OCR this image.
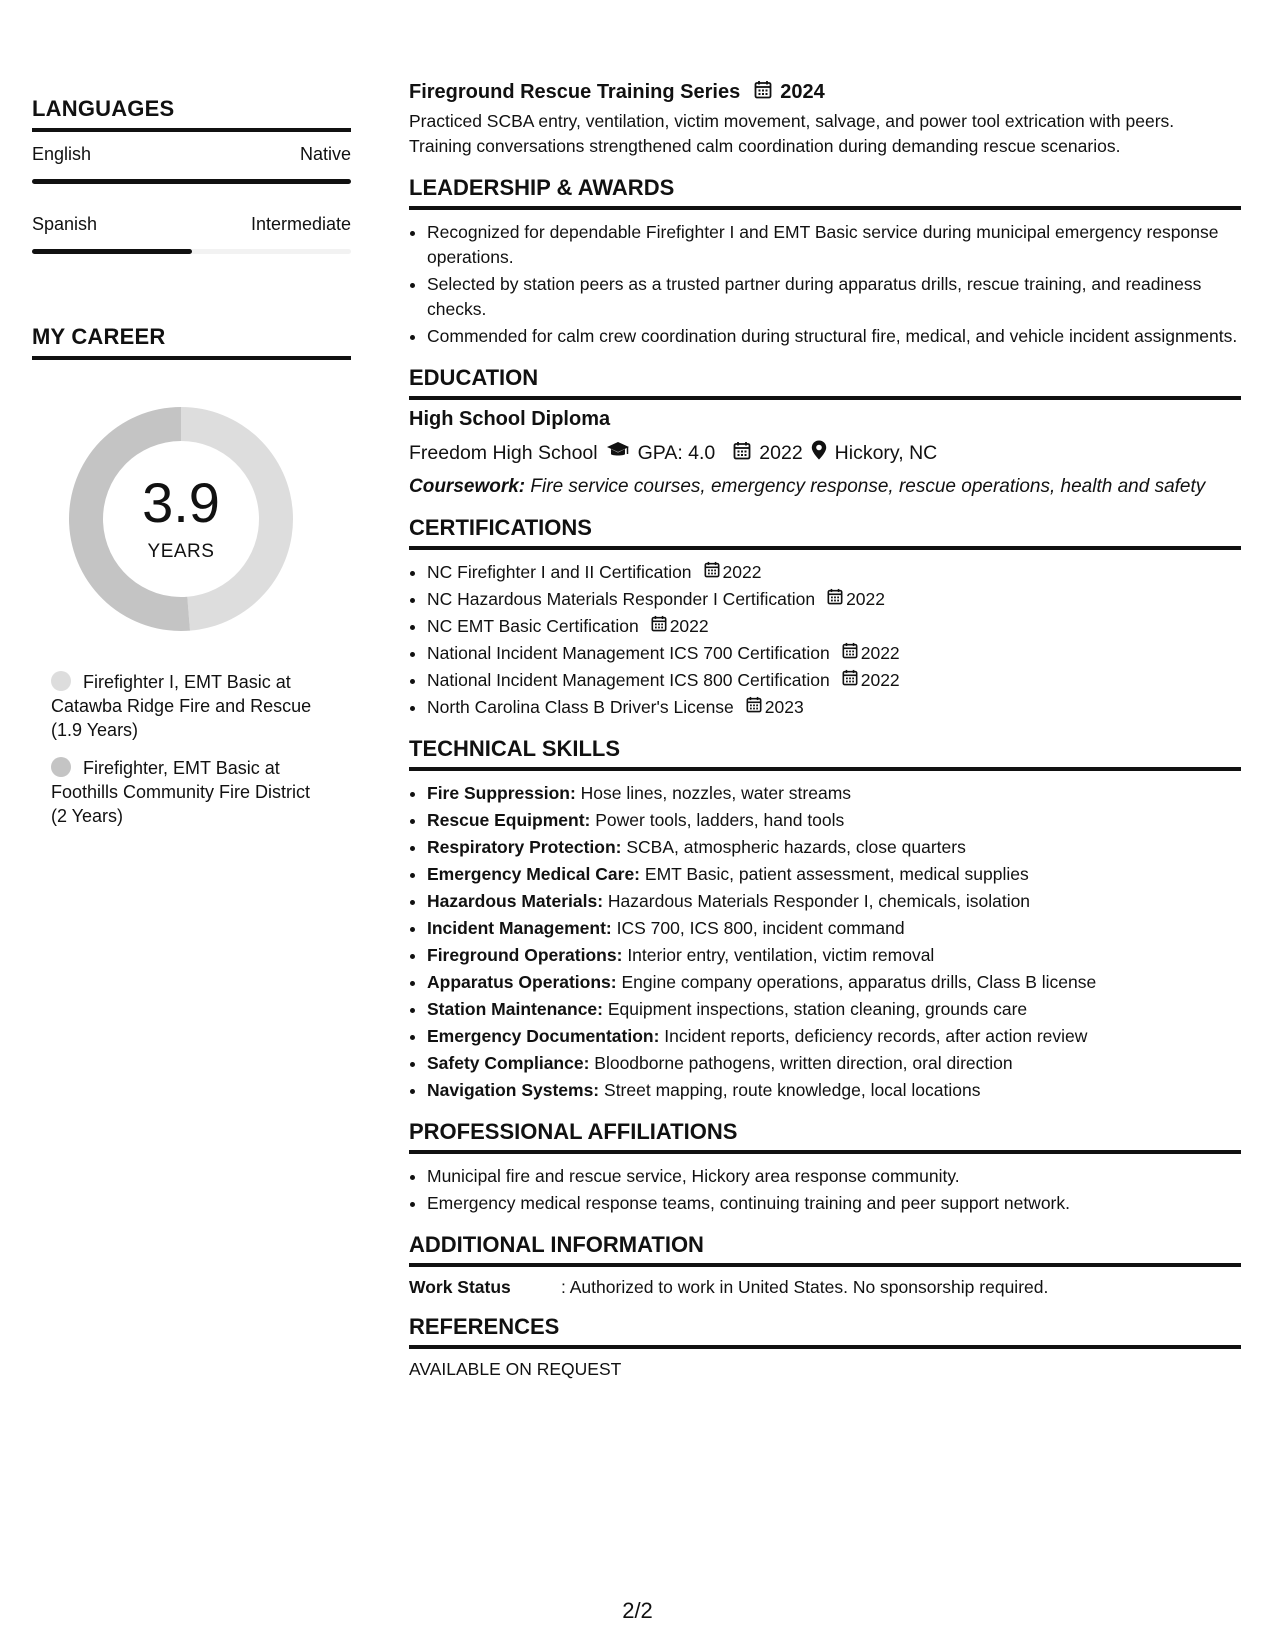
LANGUAGES
English	Native
Spanish	Intermediate
MY CAREER
3.9
YEARS
Firefighter I, EMT Basic at Catawba Ridge Fire and Rescue (1.9 Years)
Firefighter, EMT Basic at Foothills Community Fire District (2 Years)
Fireground Rescue Training Series 2024
Practiced SCBA entry, ventilation, victim movement, salvage, and power tool extrication with peers. Training conversations strengthened calm coordination during demanding rescue scenarios.
LEADERSHIP & AWARDS
• Recognized for dependable Firefighter I and EMT Basic service during municipal emergency response operations.
• Selected by station peers as a trusted partner during apparatus drills, rescue training, and readiness checks.
• Commended for calm crew coordination during structural fire, medical, and vehicle incident assignments.
EDUCATION
High School Diploma
Freedom High School GPA: 4.0 2022 Hickory, NC
Coursework: Fire service courses, emergency response, rescue operations, health and safety
CERTIFICATIONS
• NC Firefighter I and II Certification 2022
• NC Hazardous Materials Responder I Certification 2022
• NC EMT Basic Certification 2022
• National Incident Management ICS 700 Certification 2022
• National Incident Management ICS 800 Certification 2022
• North Carolina Class B Driver's License 2023
TECHNICAL SKILLS
• Fire Suppression: Hose lines, nozzles, water streams
• Rescue Equipment: Power tools, ladders, hand tools
• Respiratory Protection: SCBA, atmospheric hazards, close quarters
• Emergency Medical Care: EMT Basic, patient assessment, medical supplies
• Hazardous Materials: Hazardous Materials Responder I, chemicals, isolation
• Incident Management: ICS 700, ICS 800, incident command
• Fireground Operations: Interior entry, ventilation, victim removal
• Apparatus Operations: Engine company operations, apparatus drills, Class B license
• Station Maintenance: Equipment inspections, station cleaning, grounds care
• Emergency Documentation: Incident reports, deficiency records, after action review
• Safety Compliance: Bloodborne pathogens, written direction, oral direction
• Navigation Systems: Street mapping, route knowledge, local locations
PROFESSIONAL AFFILIATIONS
• Municipal fire and rescue service, Hickory area response community.
• Emergency medical response teams, continuing training and peer support network.
ADDITIONAL INFORMATION
Work Status	: Authorized to work in United States. No sponsorship required.
REFERENCES
AVAILABLE ON REQUEST
2/2
